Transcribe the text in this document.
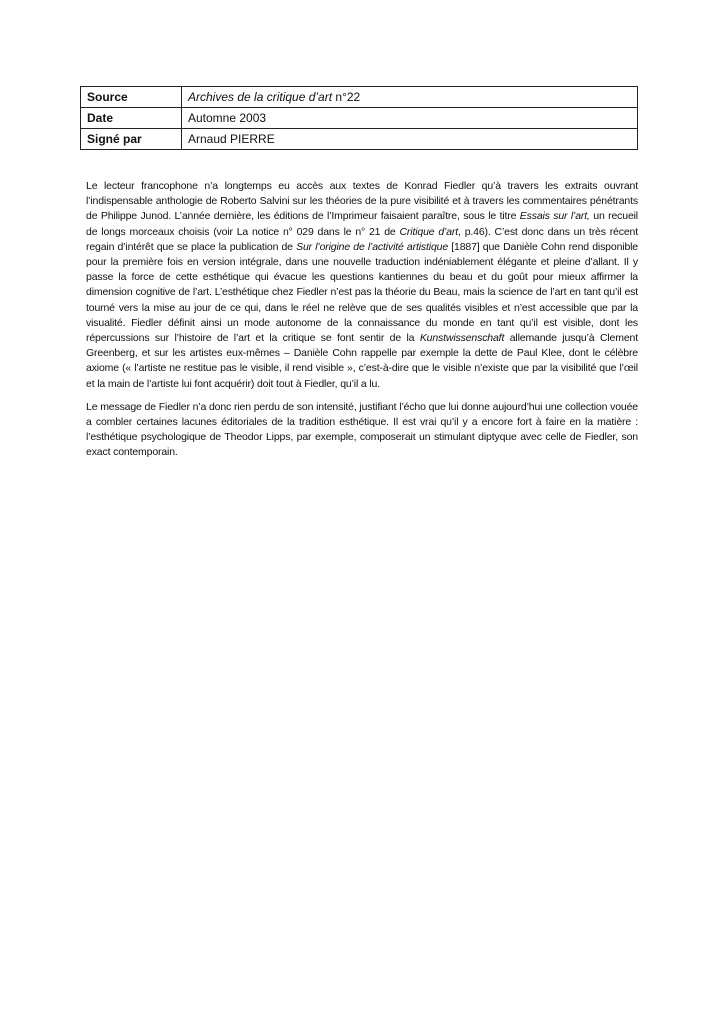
Source	Archives de la critique d’art n°22
Date	Automne 2003
Signé par	Arnaud PIERRE

Le lecteur francophone n’a longtemps eu accès aux textes de Konrad Fiedler qu’à travers les extraits ouvrant l’indispensable anthologie de Roberto Salvini sur les théories de la pure visibilité et à travers les commentaires pénétrants de Philippe Junod. L’année dernière, les éditions de l’Imprimeur faisaient paraître, sous le titre Essais sur l’art, un recueil de longs morceaux choisis (voir La notice n° 029 dans le n° 21 de Critique d’art, p.46). C’est donc dans un très récent regain d’intérêt que se place la publication de Sur l’origine de l’activité artistique [1887] que Danièle Cohn rend disponible pour la première fois en version intégrale, dans une nouvelle traduction indéniablement élégante et pleine d’allant. Il y passe la force de cette esthétique qui évacue les questions kantiennes du beau et du goût pour mieux affirmer la dimension cognitive de l’art. L’esthétique chez Fiedler n’est pas la théorie du Beau, mais la science de l’art en tant qu’il est tourné vers la mise au jour de ce qui, dans le réel ne relève que de ses qualités visibles et n’est accessible que par la visualité. Fiedler définit ainsi un mode autonome de la connaissance du monde en tant qu’il est visible, dont les répercussions sur l’histoire de l’art et la critique se font sentir de la Kunstwissenschaft allemande jusqu’à Clement Greenberg, et sur les artistes eux-mêmes – Danièle Cohn rappelle par exemple la dette de Paul Klee, dont le célèbre axiome (« l’artiste ne restitue pas le visible, il rend visible », c’est-à-dire que le visible n’existe que par la visibilité que l’œil et la main de l’artiste lui font acquérir) doit tout à Fiedler, qu’il a lu.

Le message de Fiedler n’a donc rien perdu de son intensité, justifiant l’écho que lui donne aujourd’hui une collection vouée a combler certaines lacunes éditoriales de la tradition esthétique. Il est vrai qu’il y a encore fort à faire en la matière : l’esthétique psychologique de Theodor Lipps, par exemple, composerait un stimulant diptyque avec celle de Fiedler, son exact contemporain.
